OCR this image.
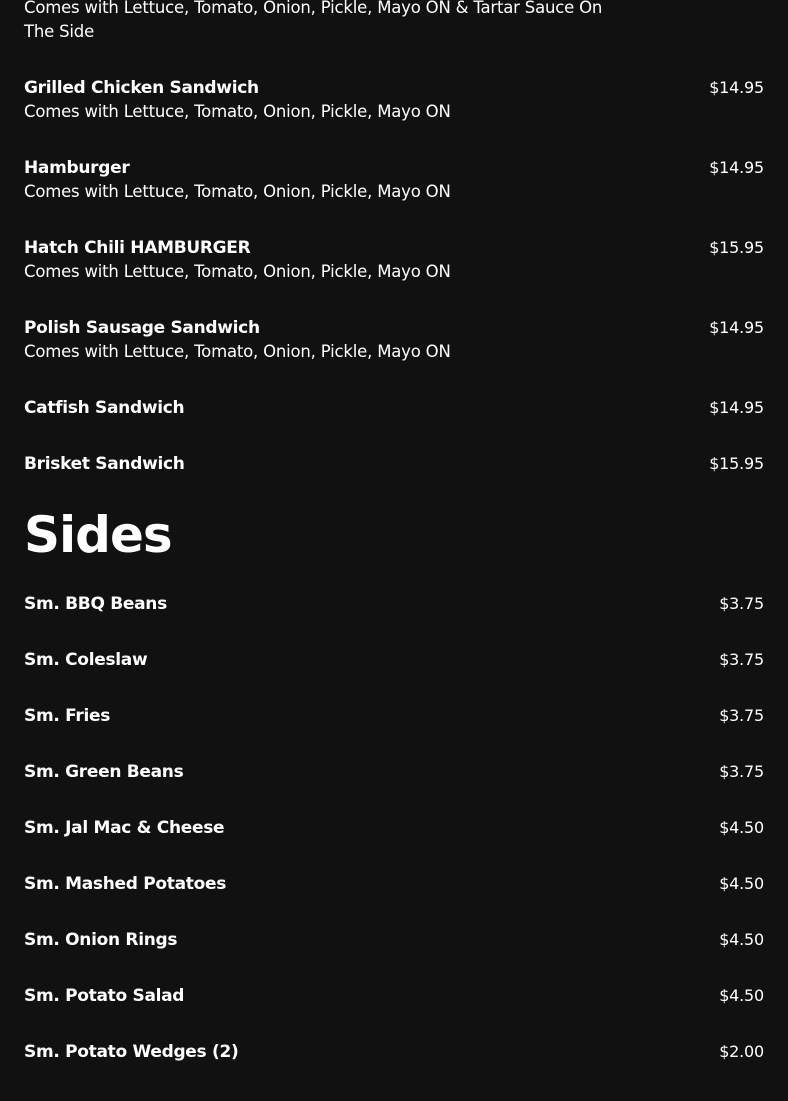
Comes with Lettuce, Tomato, Onion, Pickle, Mayo ON & Tartar Sauce On
The Side
Grilled Chicken Sandwich	$14.95
Comes with Lettuce, Tomato, Onion, Pickle, Mayo ON
Hamburger	$14.95
Comes with Lettuce, Tomato, Onion, Pickle, Mayo ON
Hatch Chili HAMBURGER	$15.95
Comes with Lettuce, Tomato, Onion, Pickle, Mayo ON
Polish Sausage Sandwich	$14.95
Comes with Lettuce, Tomato, Onion, Pickle, Mayo ON
Catfish Sandwich	$14.95
Brisket Sandwich	$15.95
Sides
Sm. BBQ Beans	$3.75
Sm. Coleslaw	$3.75
Sm. Fries	$3.75
Sm. Green Beans	$3.75
Sm. Jal Mac & Cheese	$4.50
Sm. Mashed Potatoes	$4.50
Sm. Onion Rings	$4.50
Sm. Potato Salad	$4.50
Sm. Potato Wedges (2)	$2.00
